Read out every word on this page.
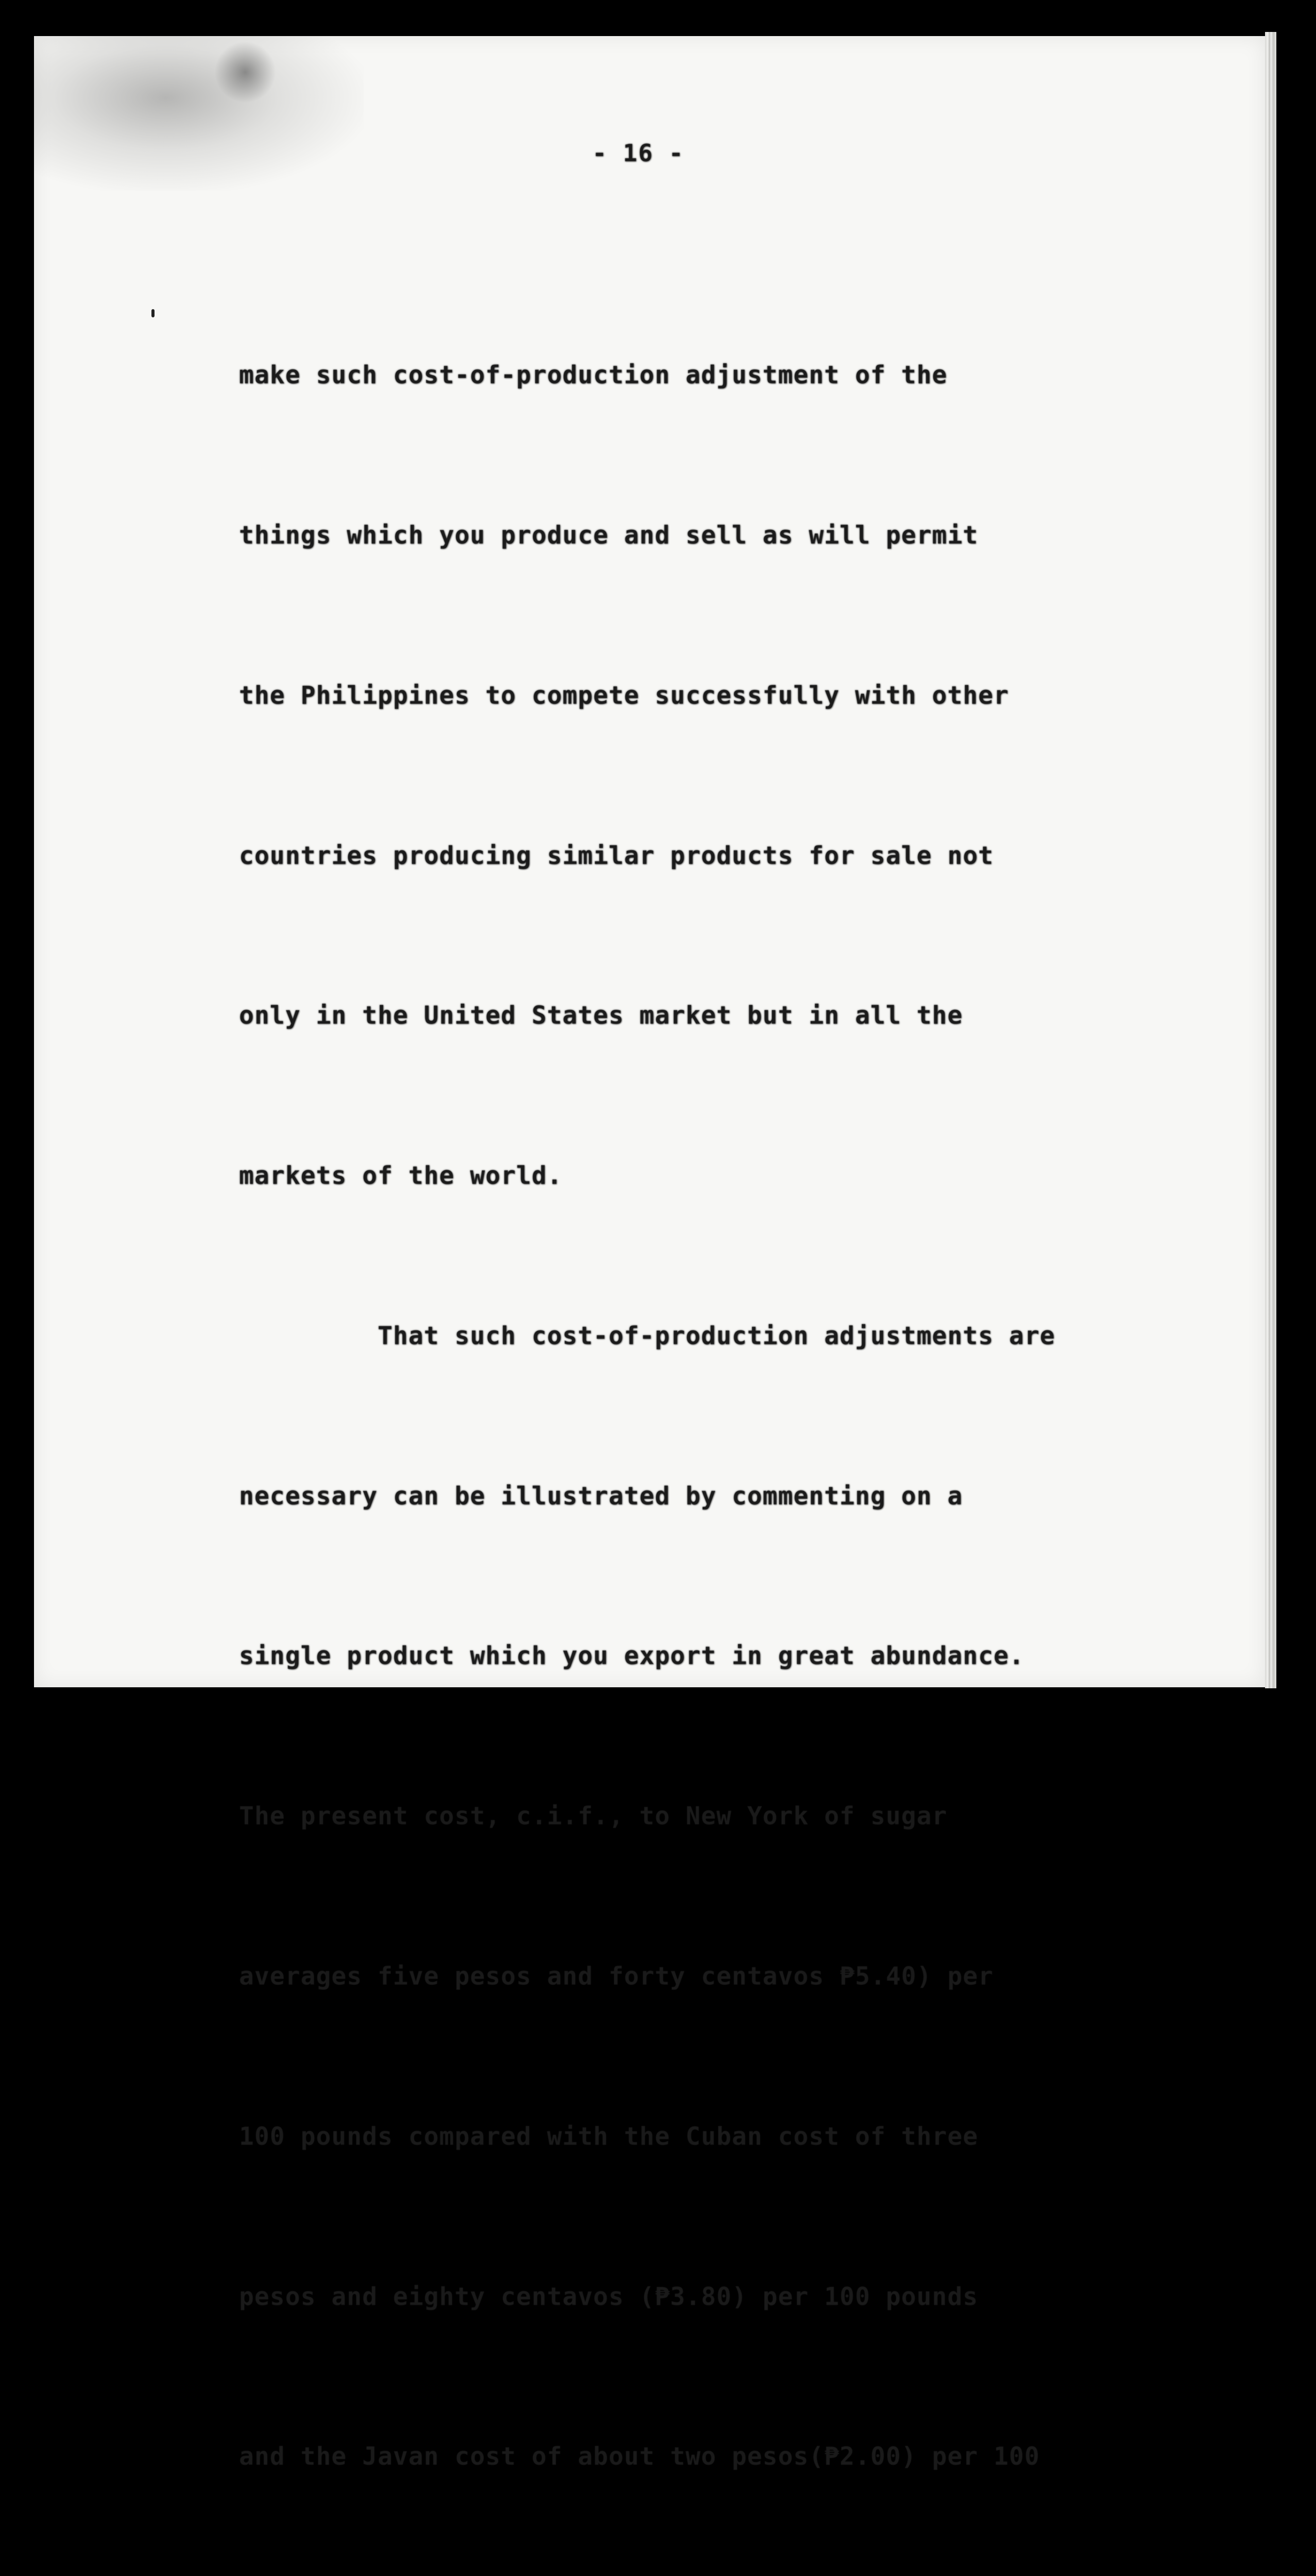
- 16 -

make such cost-of-production adjustment of the

things which you produce and sell as will permit

the Philippines to compete successfully with other

countries producing similar products for sale not

only in the United States market but in all the

markets of the world.

That such cost-of-production adjustments are

necessary can be illustrated by commenting on a

single product which you export in great abundance.

The present cost, c.i.f., to New York of sugar

averages five pesos and forty centavos ₱5.40) per

100 pounds compared with the Cuban cost of three

pesos and eighty centavos (₱3.80) per 100 pounds

and the Javan cost of about two pesos(₱2.00) per 100
